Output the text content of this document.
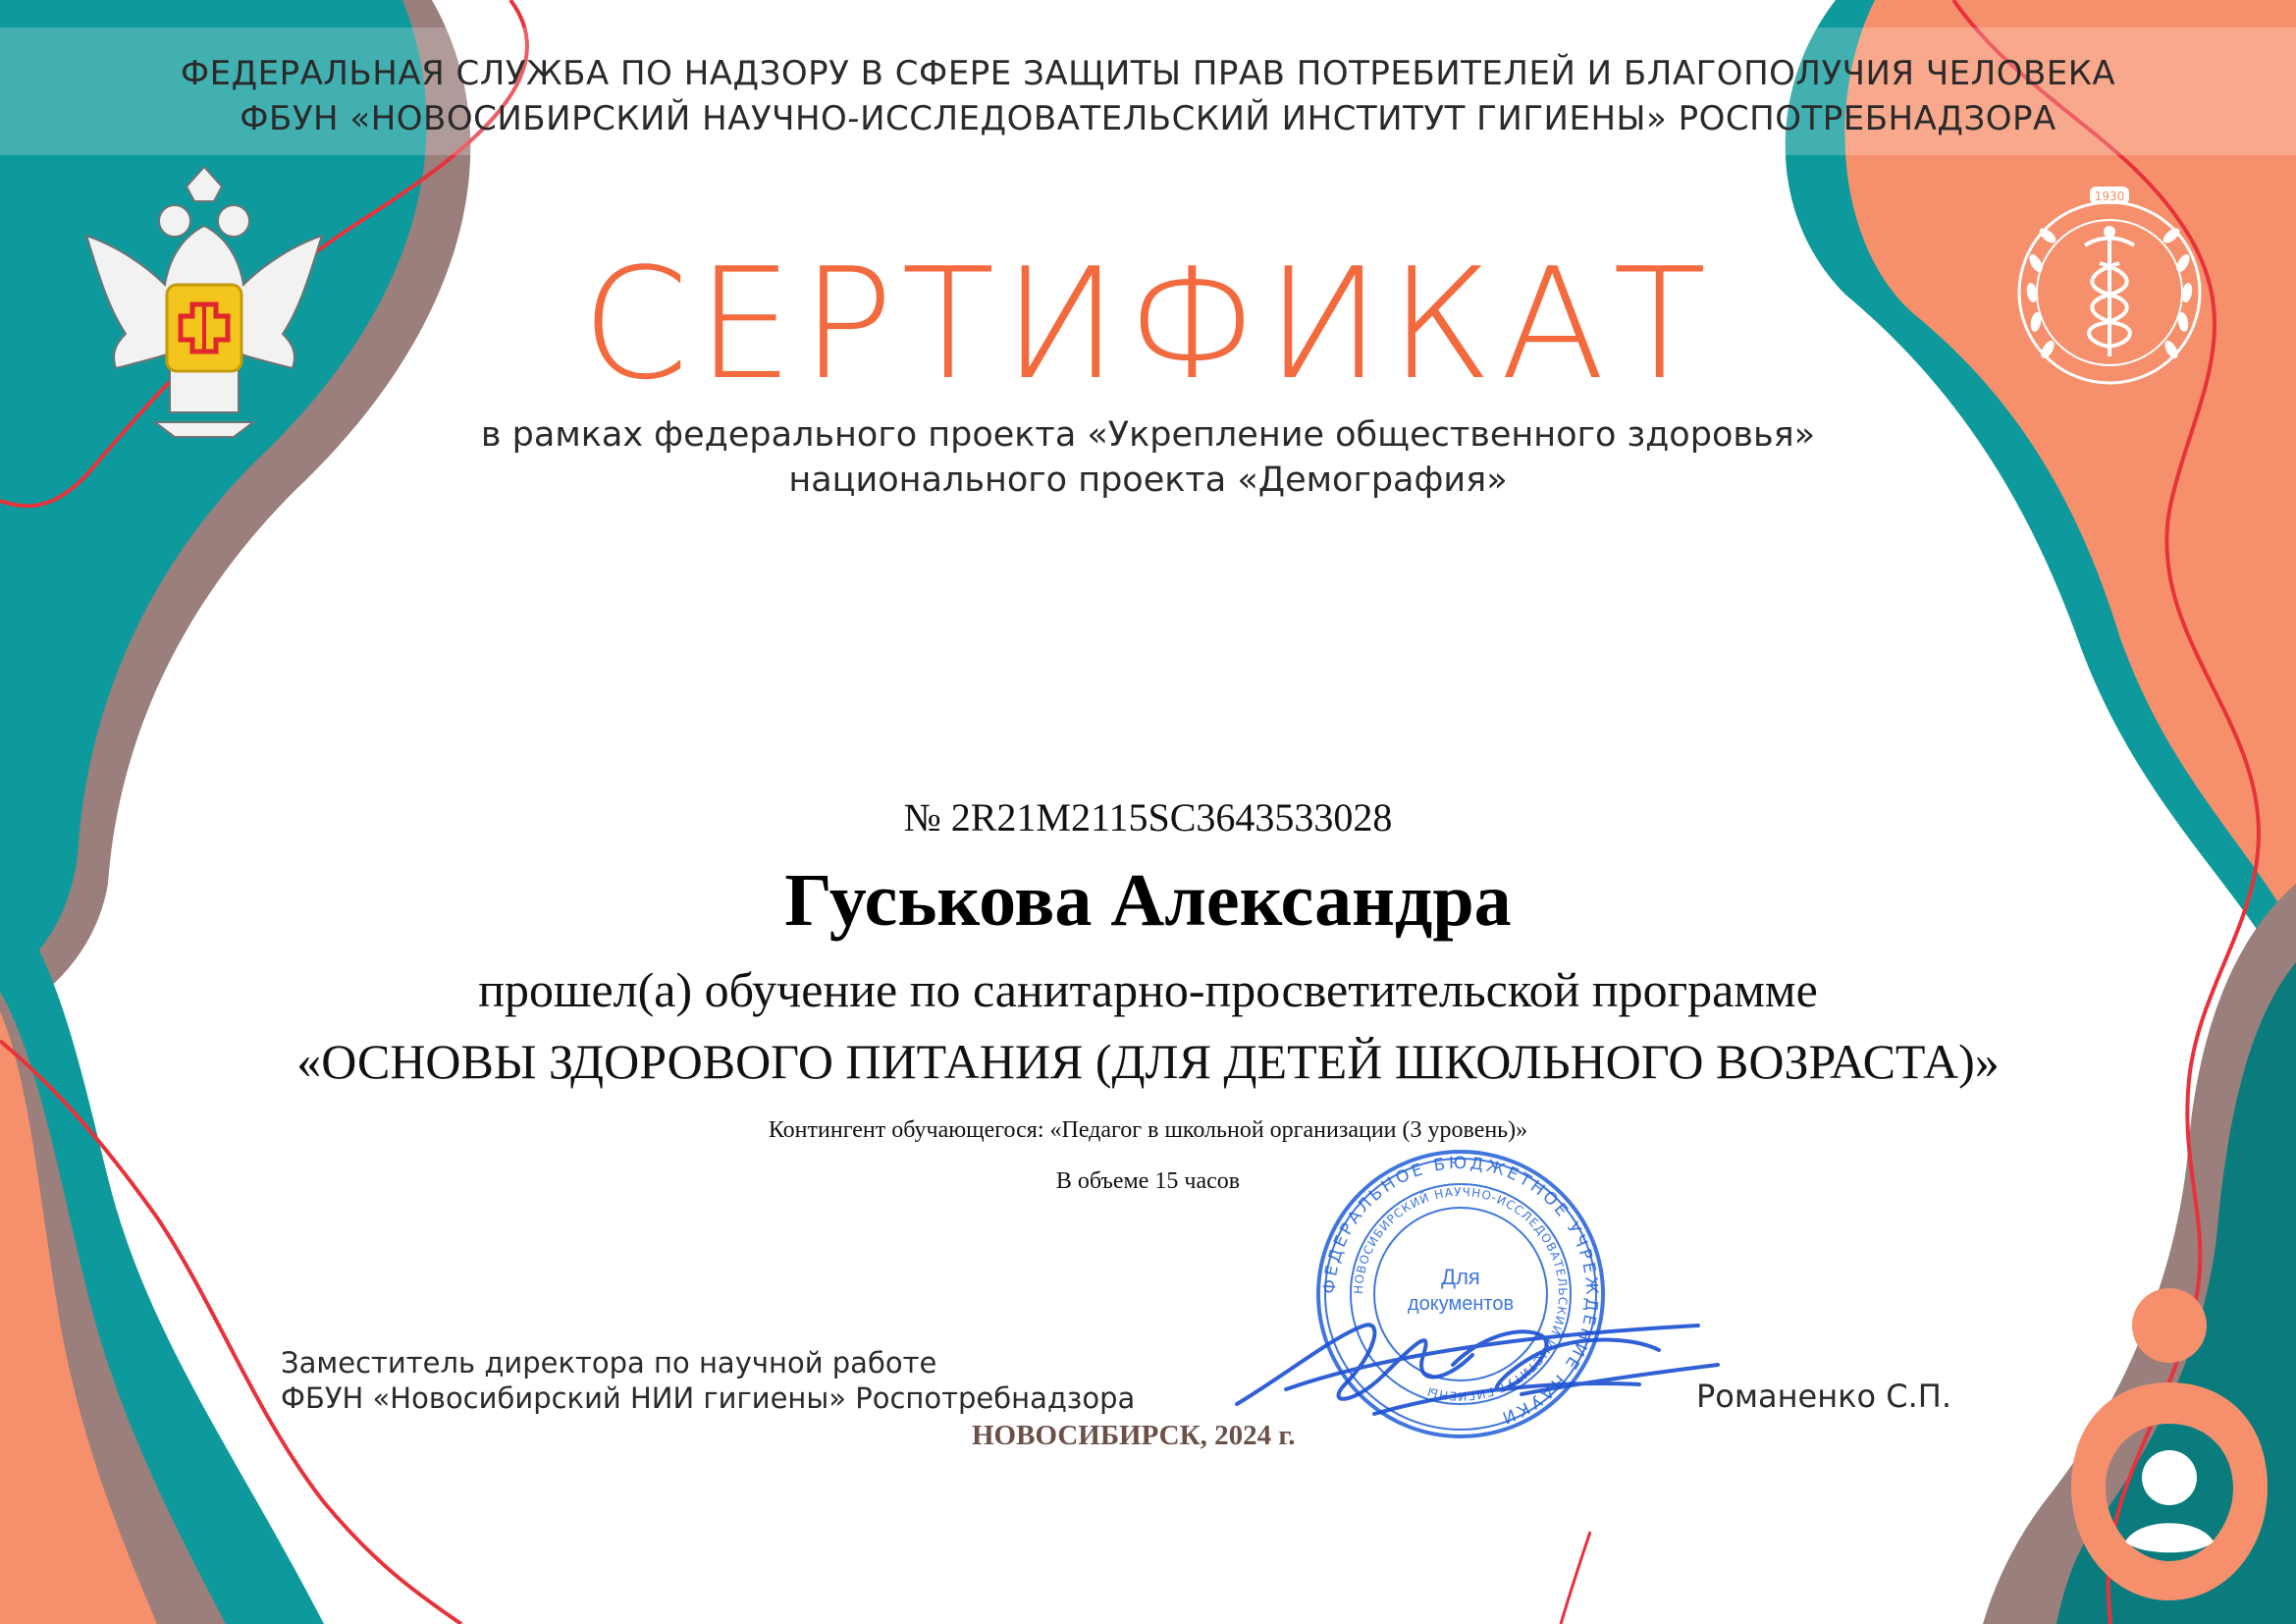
ФЕДЕРАЛЬНАЯ СЛУЖБА ПО НАДЗОРУ В СФЕРЕ ЗАЩИТЫ ПРАВ ПОТРЕБИТЕЛЕЙ И БЛАГОПОЛУЧИЯ ЧЕЛОВЕКА
ФБУН «НОВОСИБИРСКИЙ НАУЧНО-ИССЛЕДОВАТЕЛЬСКИЙ ИНСТИТУТ ГИГИЕНЫ» РОСПОТРЕБНАДЗОРА
1930
СЕРТИФИКАТ
в рамках федерального проекта «Укрепление общественного здоровья»
национального проекта «Демография»
№ 2R21M2115SC3643533028
Гуськова Александра
прошел(а) обучение по санитарно-просветительской программе
«ОСНОВЫ ЗДОРОВОГО ПИТАНИЯ (ДЛЯ ДЕТЕЙ ШКОЛЬНОГО ВОЗРАСТА)»
Контингент обучающегося: «Педагог в школьной организации (3 уровень)»
В объеме 15 часов
ФЕДЕРАЛЬНОЕ БЮДЖЕТНОЕ УЧРЕЖДЕНИЕ НАУКИ
НОВОСИБИРСКИЙ НАУЧНО-ИССЛЕДОВАТЕЛЬСКИЙ ИНСТИТУТ ГИГИЕНЫ
Для
документов
Заместитель директора по научной работе
ФБУН «Новосибирский НИИ гигиены» Роспотребнадзора	Романенко С.П.
НОВОСИБИРСК, 2024 г.
